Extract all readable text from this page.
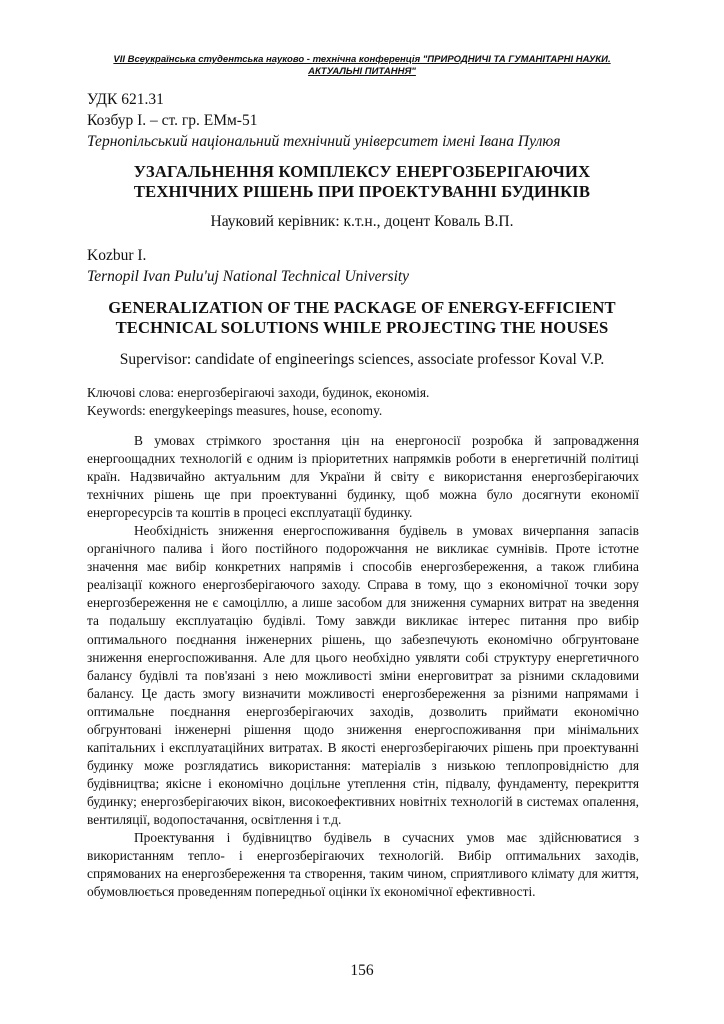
VII Всеукраїнська студентська науково - технічна конференція "ПРИРОДНИЧІ ТА ГУМАНІТАРНІ НАУКИ.
АКТУАЛЬНІ ПИТАННЯ"
УДК 621.31
Козбур І. – ст. гр. ЕМм-51
Тернопільський національний технічний університет імені Івана Пулюя
УЗАГАЛЬНЕННЯ КОМПЛЕКСУ ЕНЕРГОЗБЕРІГАЮЧИХ
ТЕХНІЧНИХ РІШЕНЬ ПРИ ПРОЕКТУВАННІ БУДИНКІВ
Науковий керівник: к.т.н., доцент Коваль В.П.
Kozbur I.
Ternopil Ivan Pulu'uj National Technical University
GENERALIZATION OF THE PACKAGE OF ENERGY-EFFICIENT
TECHNICAL SOLUTIONS WHILE PROJECTING THE HOUSES
Supervisor: candidate of engineerings sciences, associate professor Koval V.P.
Ключові слова: енергозберігаючі заходи, будинок, економія.
Keywords: energykeepings measures, house, economy.

В умовах стрімкого зростання цін на енергоносії розробка й запровадження енергоощадних технологій є одним із пріоритетних напрямків роботи в енергетичній політиці країн. Надзвичайно актуальним для України й світу є використання енергозберігаючих технічних рішень ще при проектуванні будинку, щоб можна було досягнути економії енергоресурсів та коштів в процесі експлуатації будинку.

Необхідність зниження енергоспоживання будівель в умовах вичерпання запасів органічного палива і його постійного подорожчання не викликає сумнівів. Проте істотне значення має вибір конкретних напрямів і способів енергозбереження, а також глибина реалізації кожного енергозберігаючого заходу. Справа в тому, що з економічної точки зору енергозбереження не є самоціллю, а лише засобом для зниження сумарних витрат на зведення та подальшу експлуатацію будівлі. Тому завжди викликає інтерес питання про вибір оптимального поєднання інженерних рішень, що забезпечують економічно обгрунтоване зниження енергоспоживання. Але для цього необхідно уявляти собі структуру енергетичного балансу будівлі та пов'язані з нею можливості зміни енерговитрат за різними складовими балансу. Це дасть змогу визначити можливості енергозбереження за різними напрямами і оптимальне поєднання енергозберігаючих заходів, дозволить приймати економічно обгрунтовані інженерні рішення щодо зниження енергоспоживання при мінімальних капітальних і експлуатаційних витратах. В якості енергозберігаючих рішень при проектуванні будинку може розглядатись використання: матеріалів з низькою теплопровідністю для будівництва; якісне і економічно доцільне утеплення стін, підвалу, фундаменту, перекриття будинку; енергозберігаючих вікон, високоефективних новітніх технологій в системах опалення, вентиляції, водопостачання, освітлення і т.д.

Проектування і будівництво будівель в сучасних умов має здійснюватися з використанням тепло- і енергозберігаючих технологій. Вибір оптимальних заходів, спрямованих на енергозбереження та створення, таким чином, сприятливого клімату для життя, обумовлюється проведенням попередньої оцінки їх економічної ефективності.

156
